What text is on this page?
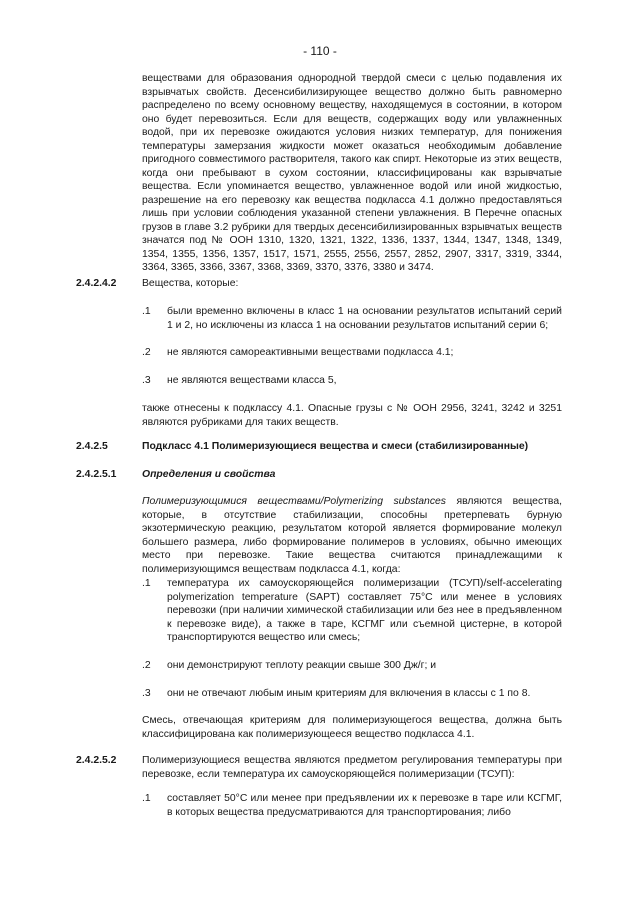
- 110 -

веществами для образования однородной твердой смеси с целью подавления их взрывчатых свойств. Десенсибилизирующее вещество должно быть равномерно распределено по всему основному веществу, находящемуся в состоянии, в котором оно будет перевозиться. Если для веществ, содержащих воду или увлажненных водой, при их перевозке ожидаются условия низких температур, для понижения температуры замерзания жидкости может оказаться необходимым добавление пригодного совместимого растворителя, такого как спирт. Некоторые из этих веществ, когда они пребывают в сухом состоянии, классифицированы как взрывчатые вещества. Если упоминается вещество, увлажненное водой или иной жидкостью, разрешение на его перевозку как вещества подкласса 4.1 должно предоставляться лишь при условии соблюдения указанной степени увлажнения. В Перечне опасных грузов в главе 3.2 рубрики для твердых десенсибилизированных взрывчатых веществ значатся под № ООН 1310, 1320, 1321, 1322, 1336, 1337, 1344, 1347, 1348, 1349, 1354, 1355, 1356, 1357, 1517, 1571, 2555, 2556, 2557, 2852, 2907, 3317, 3319, 3344, 3364, 3365, 3366, 3367, 3368, 3369, 3370, 3376, 3380 и 3474.

2.4.2.4.2 Вещества, которые:

.1 были временно включены в класс 1 на основании результатов испытаний серий 1 и 2, но исключены из класса 1 на основании результатов испытаний серии 6;

.2 не являются самореактивными веществами подкласса 4.1;

.3 не являются веществами класса 5,

также отнесены к подклассу 4.1. Опасные грузы с № ООН 2956, 3241, 3242 и 3251 являются рубриками для таких веществ.

2.4.2.5	Подкласс 4.1 Полимеризующиеся вещества и смеси (стабилизированные)

2.4.2.5.1 Определения и свойства

Полимеризующимися веществами/Polymerizing substances являются вещества, которые, в отсутствие стабилизации, способны претерпевать бурную экзотермическую реакцию, результатом которой является формирование молекул большего размера, либо формирование полимеров в условиях, обычно имеющих место при перевозке. Такие вещества считаются принадлежащими к полимеризующимся веществам подкласса 4.1, когда:

.1 температура их самоускоряющейся полимеризации (ТСУП)/self-accelerating polymerization temperature (SAPT) составляет 75°C или менее в условиях перевозки (при наличии химической стабилизации или без нее в предъявленном к перевозке виде), а также в таре, КСГМГ или съемной цистерне, в которой транспортируются вещество или смесь;

.2 они демонстрируют теплоту реакции свыше 300 Дж/г; и

.3 они не отвечают любым иным критериям для включения в классы с 1 по 8.

Смесь, отвечающая критериям для полимеризующегося вещества, должна быть классифицирована как полимеризующееся вещество подкласса 4.1.

2.4.2.5.2 Полимеризующиеся вещества являются предметом регулирования температуры при перевозке, если температура их самоускоряющейся полимеризации (ТСУП):

.1 составляет 50°C или менее при предъявлении их к перевозке в таре или КСГМГ, в которых вещества предусматриваются для транспортирования; либо
